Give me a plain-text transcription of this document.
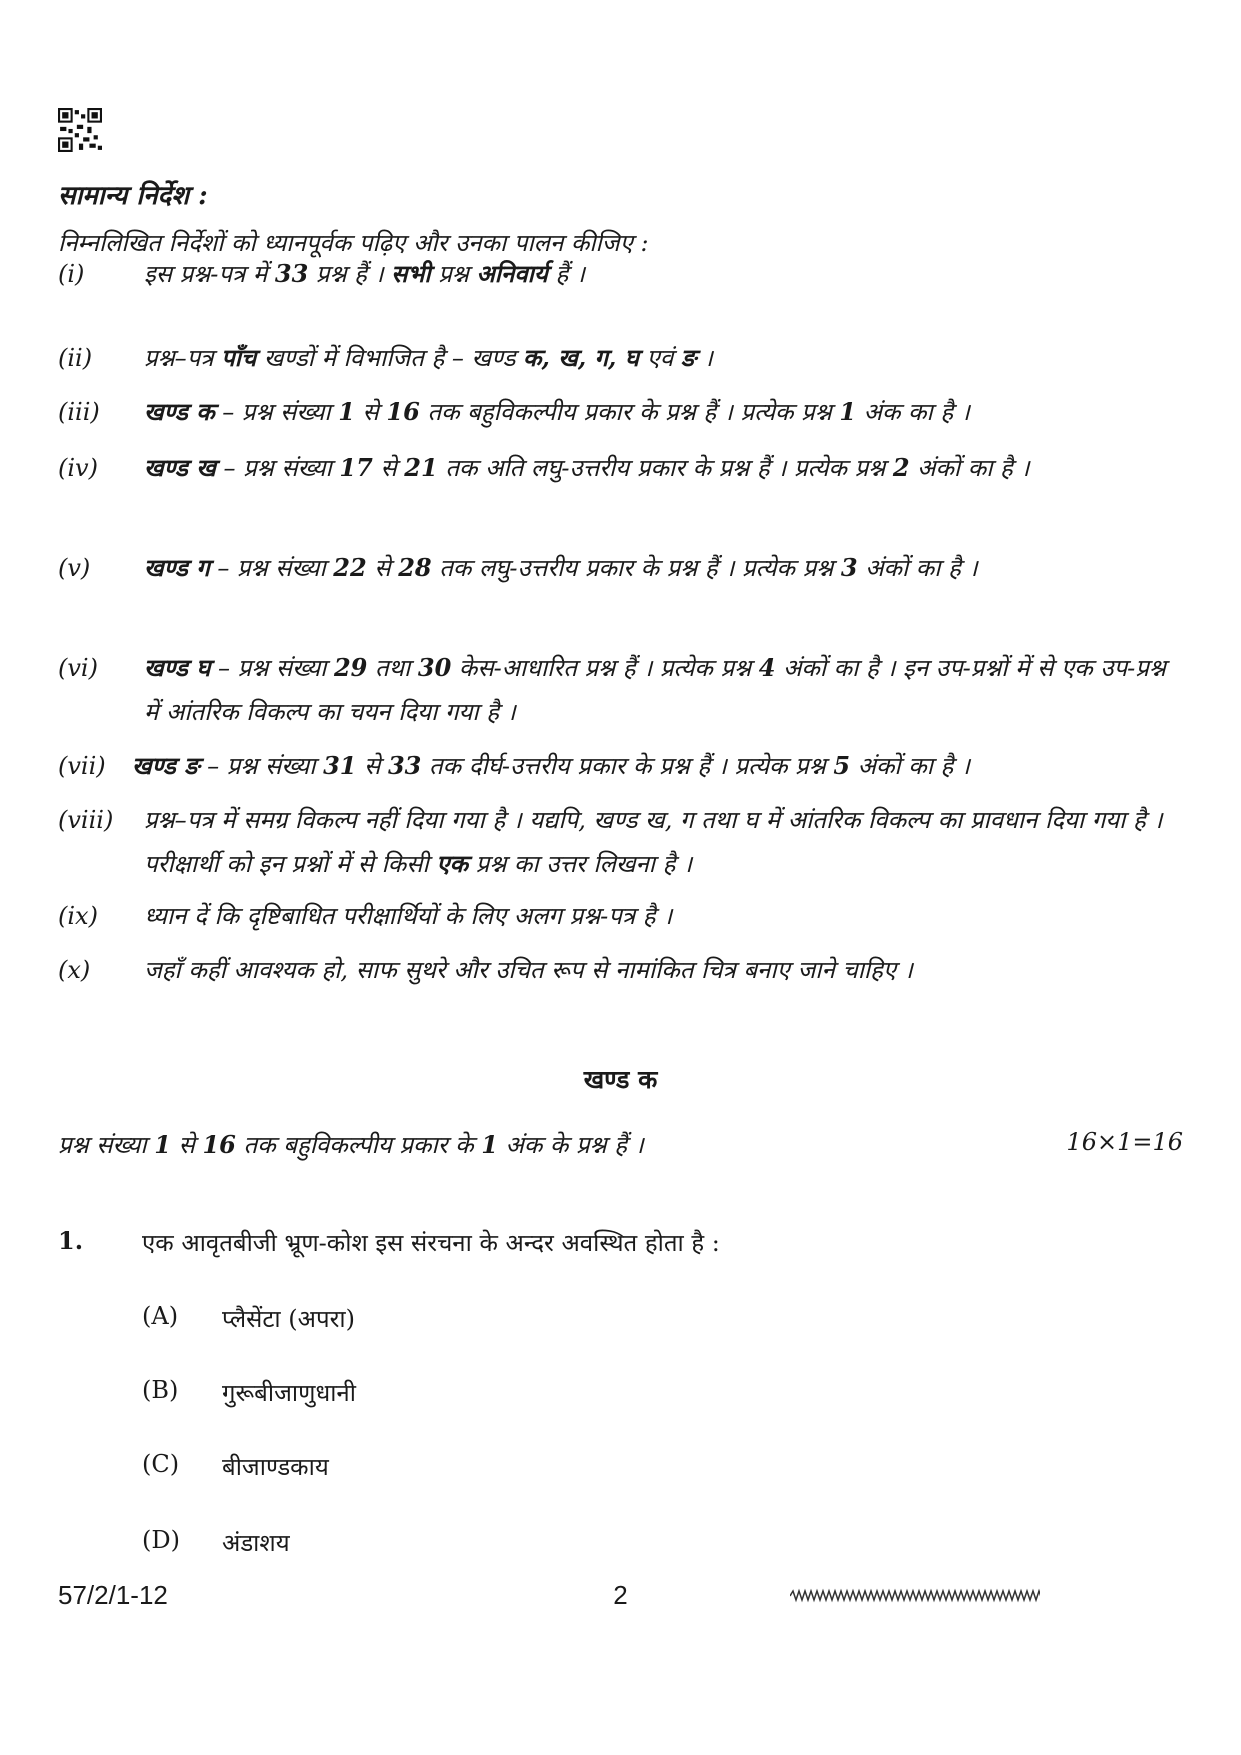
सामान्य निर्देश :
निम्नलिखित निर्देशों को ध्यानपूर्वक पढ़िए और उनका पालन कीजिए :
(i) इस प्रश्न-पत्र में 33 प्रश्न हैं । सभी प्रश्न अनिवार्य हैं ।
(ii) प्रश्न–पत्र पाँच खण्डों में विभाजित है – खण्ड क, ख, ग, घ एवं ङ ।
(iii) खण्ड क – प्रश्न संख्या 1 से 16 तक बहुविकल्पीय प्रकार के प्रश्न हैं । प्रत्येक प्रश्न 1 अंक का है ।
(iv) खण्ड ख – प्रश्न संख्या 17 से 21 तक अति लघु-उत्तरीय प्रकार के प्रश्न हैं । प्रत्येक प्रश्न 2 अंकों का है ।
(v) खण्ड ग – प्रश्न संख्या 22 से 28 तक लघु-उत्तरीय प्रकार के प्रश्न हैं । प्रत्येक प्रश्न 3 अंकों का है ।
(vi) खण्ड घ – प्रश्न संख्या 29 तथा 30 केस-आधारित प्रश्न हैं । प्रत्येक प्रश्न 4 अंकों का है । इन उप-प्रश्नों में से एक उप-प्रश्न में आंतरिक विकल्प का चयन दिया गया है ।
(vii) खण्ड ङ – प्रश्न संख्या 31 से 33 तक दीर्घ-उत्तरीय प्रकार के प्रश्न हैं । प्रत्येक प्रश्न 5 अंकों का है ।
(viii) प्रश्न–पत्र में समग्र विकल्प नहीं दिया गया है । यद्यपि, खण्ड ख, ग तथा घ में आंतरिक विकल्प का प्रावधान दिया गया है । परीक्षार्थी को इन प्रश्नों में से किसी एक प्रश्न का उत्तर लिखना है ।
(ix) ध्यान दें कि दृष्टिबाधित परीक्षार्थियों के लिए अलग प्रश्न-पत्र है ।
(x) जहाँ कहीं आवश्यक हो, साफ सुथरे और उचित रूप से नामांकित चित्र बनाए जाने चाहिए ।
खण्ड क
प्रश्न संख्या 1 से 16 तक बहुविकल्पीय प्रकार के 1 अंक के प्रश्न हैं ।	16×1=16
1. एक आवृतबीजी भ्रूण-कोश इस संरचना के अन्दर अवस्थित होता है :
(A) प्लैसेंटा (अपरा)
(B) गुरूबीजाणुधानी
(C) बीजाण्डकाय
(D) अंडाशय
57/2/1-12	2
